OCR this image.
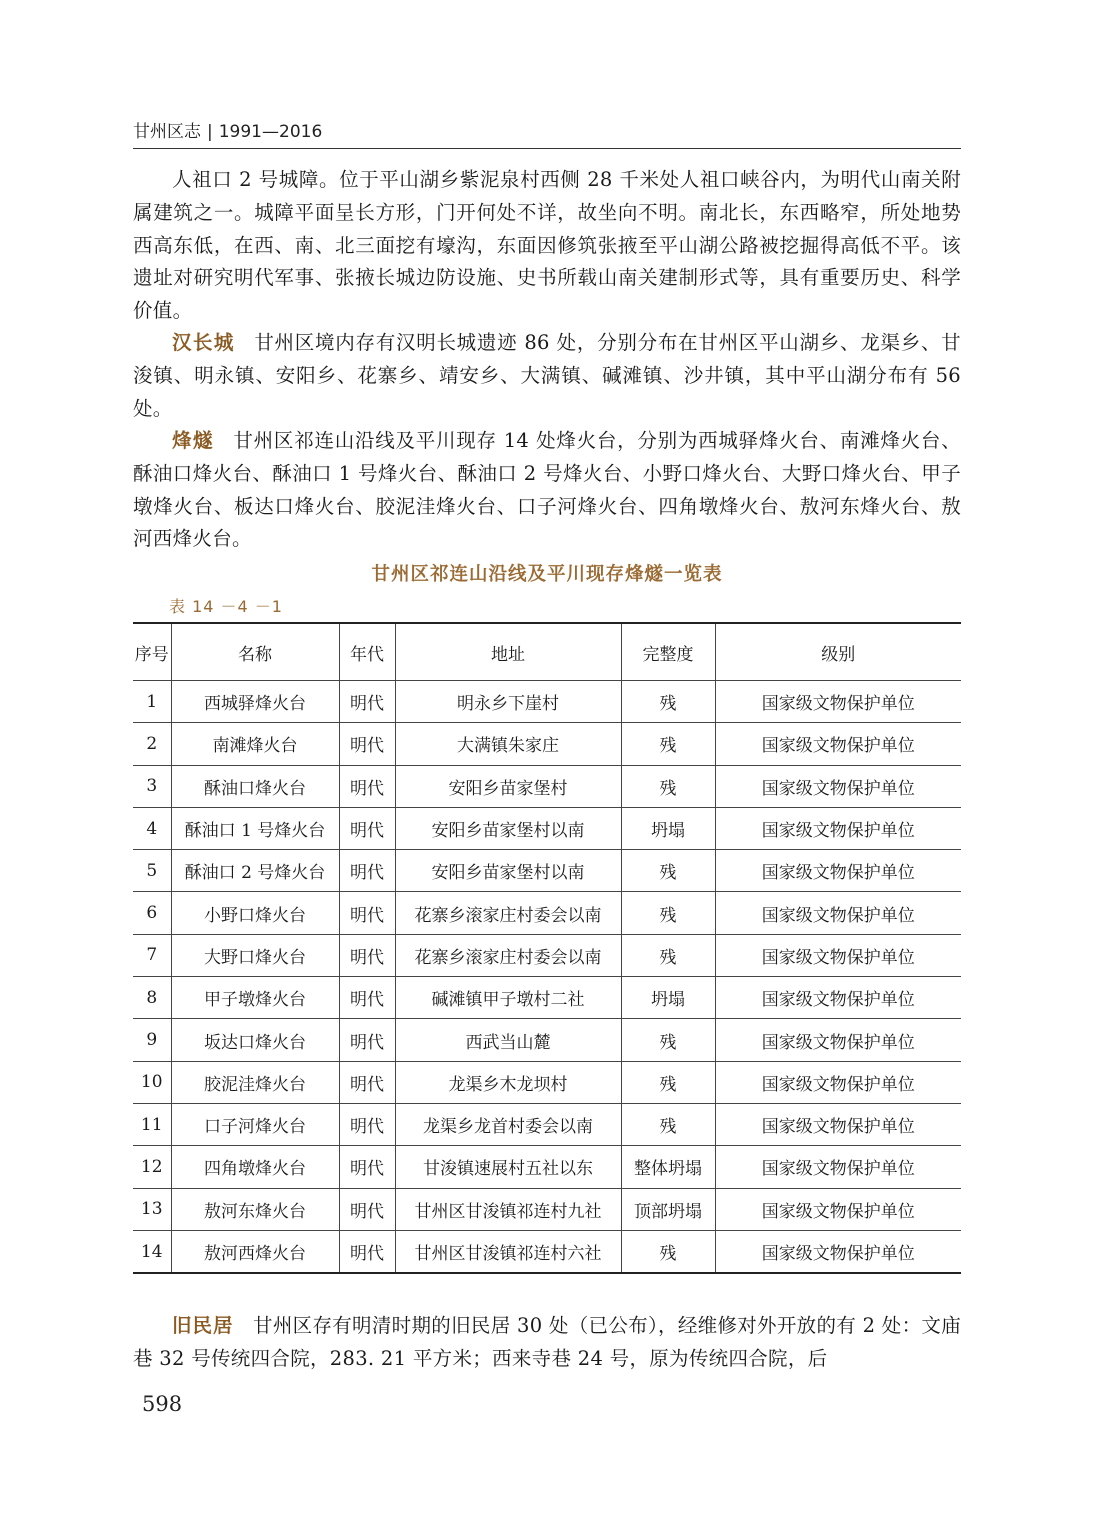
甘州区志 | 1991—2016

人祖口 2 号城障。位于平山湖乡紫泥泉村西侧 28 千米处人祖口峡谷内，为明代山南关附属建筑之一。城障平面呈长方形，门开何处不详，故坐向不明。南北长，东西略窄，所处地势西高东低，在西、南、北三面挖有壕沟，东面因修筑张掖至平山湖公路被挖掘得高低不平。该遗址对研究明代军事、张掖长城边防设施、史书所载山南关建制形式等，具有重要历史、科学价值。

汉长城 甘州区境内存有汉明长城遗迹 86 处，分别分布在甘州区平山湖乡、龙渠乡、甘浚镇、明永镇、安阳乡、花寨乡、靖安乡、大满镇、碱滩镇、沙井镇，其中平山湖分布有 56 处。

烽燧 甘州区祁连山沿线及平川现存 14 处烽火台，分别为西城驿烽火台、南滩烽火台、酥油口烽火台、酥油口 1 号烽火台、酥油口 2 号烽火台、小野口烽火台、大野口烽火台、甲子墩烽火台、板达口烽火台、胶泥洼烽火台、口子河烽火台、四角墩烽火台、敖河东烽火台、敖河西烽火台。

甘州区祁连山沿线及平川现存烽燧一览表
表 14 －4 －1
序号	名称	年代	地址	完整度	级别
1	西城驿烽火台	明代	明永乡下崖村	残	国家级文物保护单位
2	南滩烽火台	明代	大满镇朱家庄	残	国家级文物保护单位
3	酥油口烽火台	明代	安阳乡苗家堡村	残	国家级文物保护单位
4	酥油口 1 号烽火台	明代	安阳乡苗家堡村以南	坍塌	国家级文物保护单位
5	酥油口 2 号烽火台	明代	安阳乡苗家堡村以南	残	国家级文物保护单位
6	小野口烽火台	明代	花寨乡滚家庄村委会以南	残	国家级文物保护单位
7	大野口烽火台	明代	花寨乡滚家庄村委会以南	残	国家级文物保护单位
8	甲子墩烽火台	明代	碱滩镇甲子墩村二社	坍塌	国家级文物保护单位
9	坂达口烽火台	明代	西武当山麓	残	国家级文物保护单位
10	胶泥洼烽火台	明代	龙渠乡木龙坝村	残	国家级文物保护单位
11	口子河烽火台	明代	龙渠乡龙首村委会以南	残	国家级文物保护单位
12	四角墩烽火台	明代	甘浚镇速展村五社以东	整体坍塌	国家级文物保护单位
13	敖河东烽火台	明代	甘州区甘浚镇祁连村九社	顶部坍塌	国家级文物保护单位
14	敖河西烽火台	明代	甘州区甘浚镇祁连村六社	残	国家级文物保护单位

旧民居 甘州区存有明清时期的旧民居 30 处（已公布），经维修对外开放的有 2 处：文庙巷 32 号传统四合院，283. 21 平方米；西来寺巷 24 号，原为传统四合院，后

598
